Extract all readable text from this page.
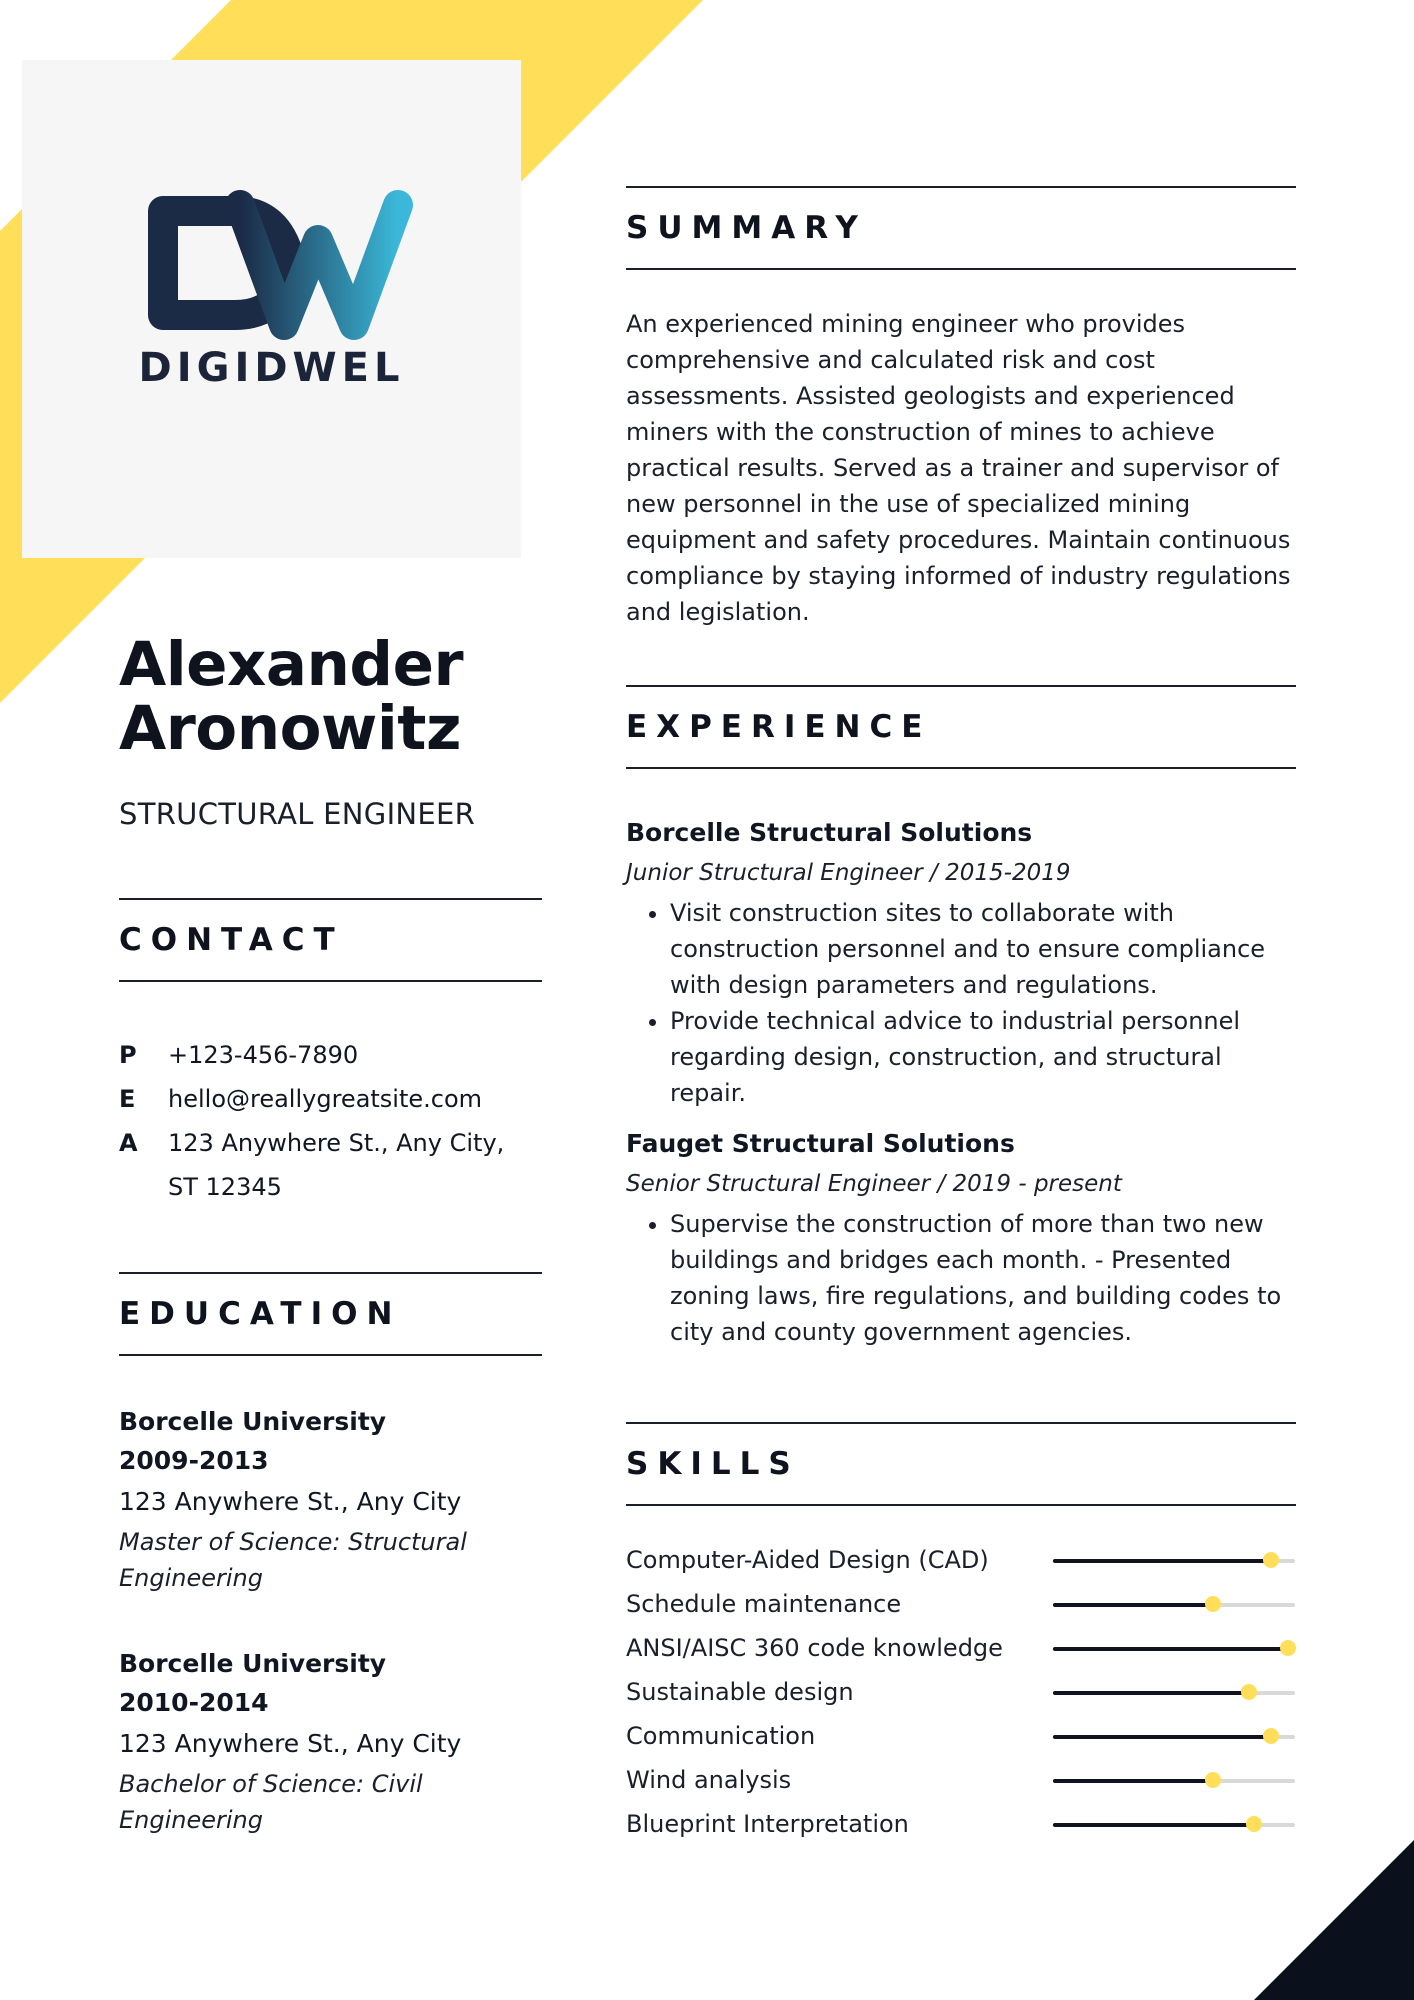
DIGIDWEL
Alexander
Aronowitz

STRUCTURAL ENGINEER

CONTACT
P	+123-456-7890
E	hello@reallygreatsite.com
A	123 Anywhere St., Any City,
ST 12345
EDUCATION

Borcelle University

2009-2013

123 Anywhere St., Any City

Master of Science: Structural Engineering

Borcelle University

2010-2014

123 Anywhere St., Any City

Bachelor of Science: Civil Engineering

SUMMARY

An experienced mining engineer who provides comprehensive and calculated risk and cost assessments. Assisted geologists and experienced miners with the construction of mines to achieve practical results. Served as a trainer and supervisor of new personnel in the use of specialized mining equipment and safety procedures. Maintain continuous compliance by staying informed of industry regulations and legislation.

EXPERIENCE

Borcelle Structural Solutions

Junior Structural Engineer / 2015-2019

• Visit construction sites to collaborate with construction personnel and to ensure compliance with design parameters and regulations.
• Provide technical advice to industrial personnel regarding design, construction, and structural repair.

Fauget Structural Solutions

Senior Structural Engineer / 2019 - present

• Supervise the construction of more than two new buildings and bridges each month. - Presented zoning laws, fire regulations, and building codes to city and county government agencies.
SKILLS
Computer-Aided Design (CAD)
Schedule maintenance
ANSI/AISC 360 code knowledge
Sustainable design
Communication
Wind analysis
Blueprint Interpretation
